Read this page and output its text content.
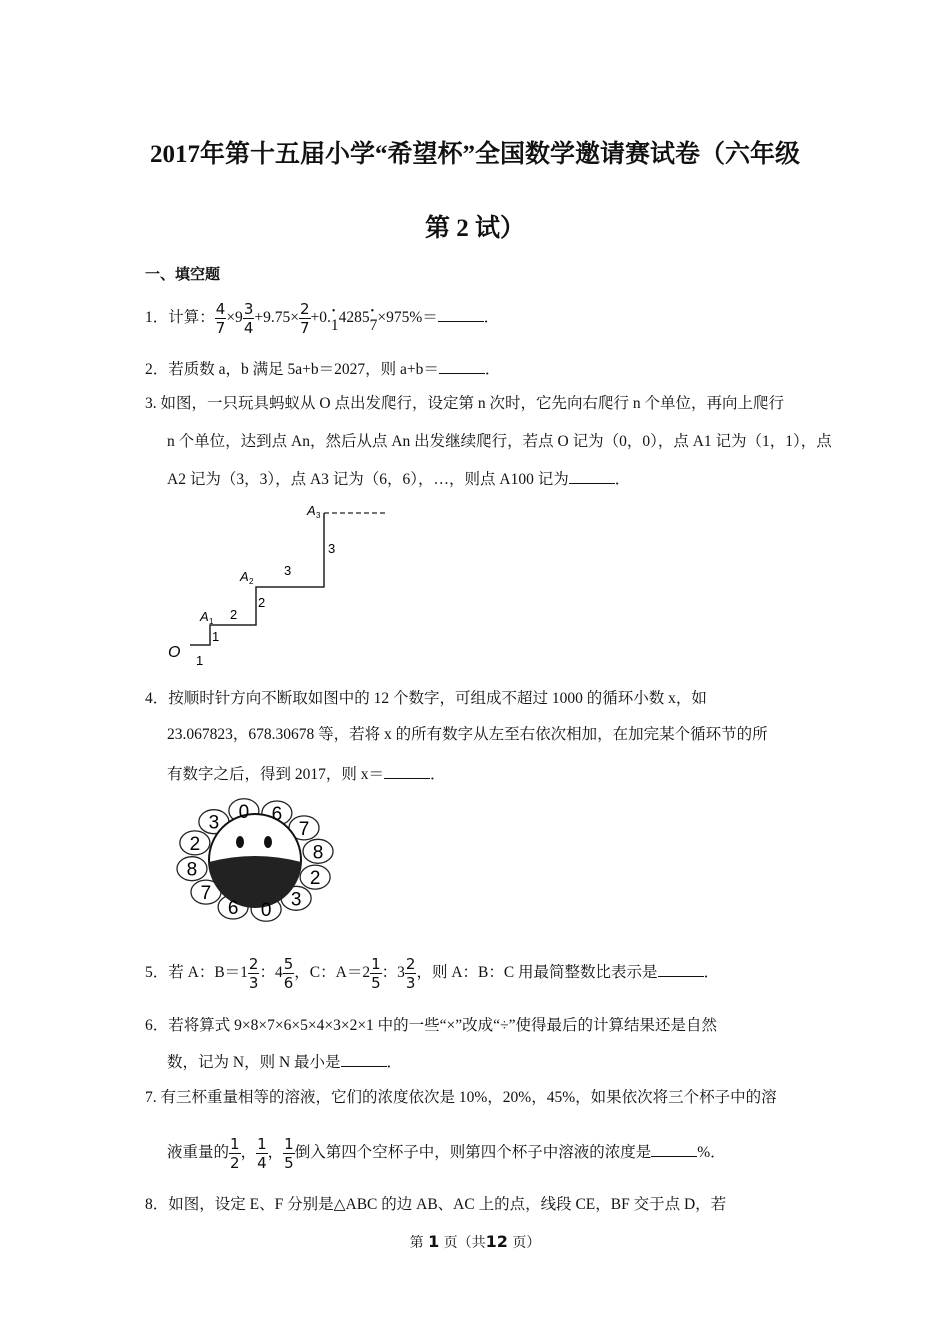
2017年第十五届小学“希望杯”全国数学邀请赛试卷（六年级
第 2 试）
一、填空题
1．计算： $\frac{4}{7} \times 9 \frac{3}{4} +9.75\times \frac{2}{7}$ +0.• 14285• 7×975%＝	．
2．若质数 a，b 满足 5a+b＝2027，则 a+b＝	．
3. 如图，一只玩具蚂蚁从 O 点出发爬行，设定第 n 次时，它先向右爬行 n 个单位，再向上爬行
n 个单位，达到点 An，然后从点 An 出发继续爬行，若点 O 记为（0，0），点 A1 记为（1，1），点
A2 记为（3，3），点 A3 记为（6，6），…，则点 A100 记为	．
O 1
1
2
2
3
3
A 1
A 2
A 3
4．按顺时针方向不断取如图中的 12 个数字，可组成不超过 1000 的循环小数 x，如
23.067823，678.30678 等，若将 x 的所有数字从左至右依次相加，在加完某个循环节的所
有数字之后，得到 2017，则 x＝	．
0 6
7
8
2
3
0
6
7
8
2
3
5．若 A：$B=1 \frac{2}{3}$ ：$4 \frac{5}{6}$ ，C：$A=2 \frac{1}{5}$ ：$3 \frac{2}{3}$ ，则 A：B：C 用最简整数比表示是	．
6．若将算式 9×8×7×6×5×4×3×2×1 中的一些“×”改成“÷”使得最后的计算结果还是自然
数，记为 N，则 N 最小是	．
7. 有三杯重量相等的溶液，它们的浓度依次是 10%，20%，45%，如果依次将三个杯子中的溶
液重量的 $\frac{1}{2}$ ， $\frac{1}{4}$ ， $\frac{1}{5}$ 倒入第四个空杯子中，则第四个杯子中溶液的浓度是	%．
8．如图，设定 E、F 分别是△ABC 的边 AB、AC 上的点，线段 CE，BF 交于点 D，若
第 1 页（共12 页）
